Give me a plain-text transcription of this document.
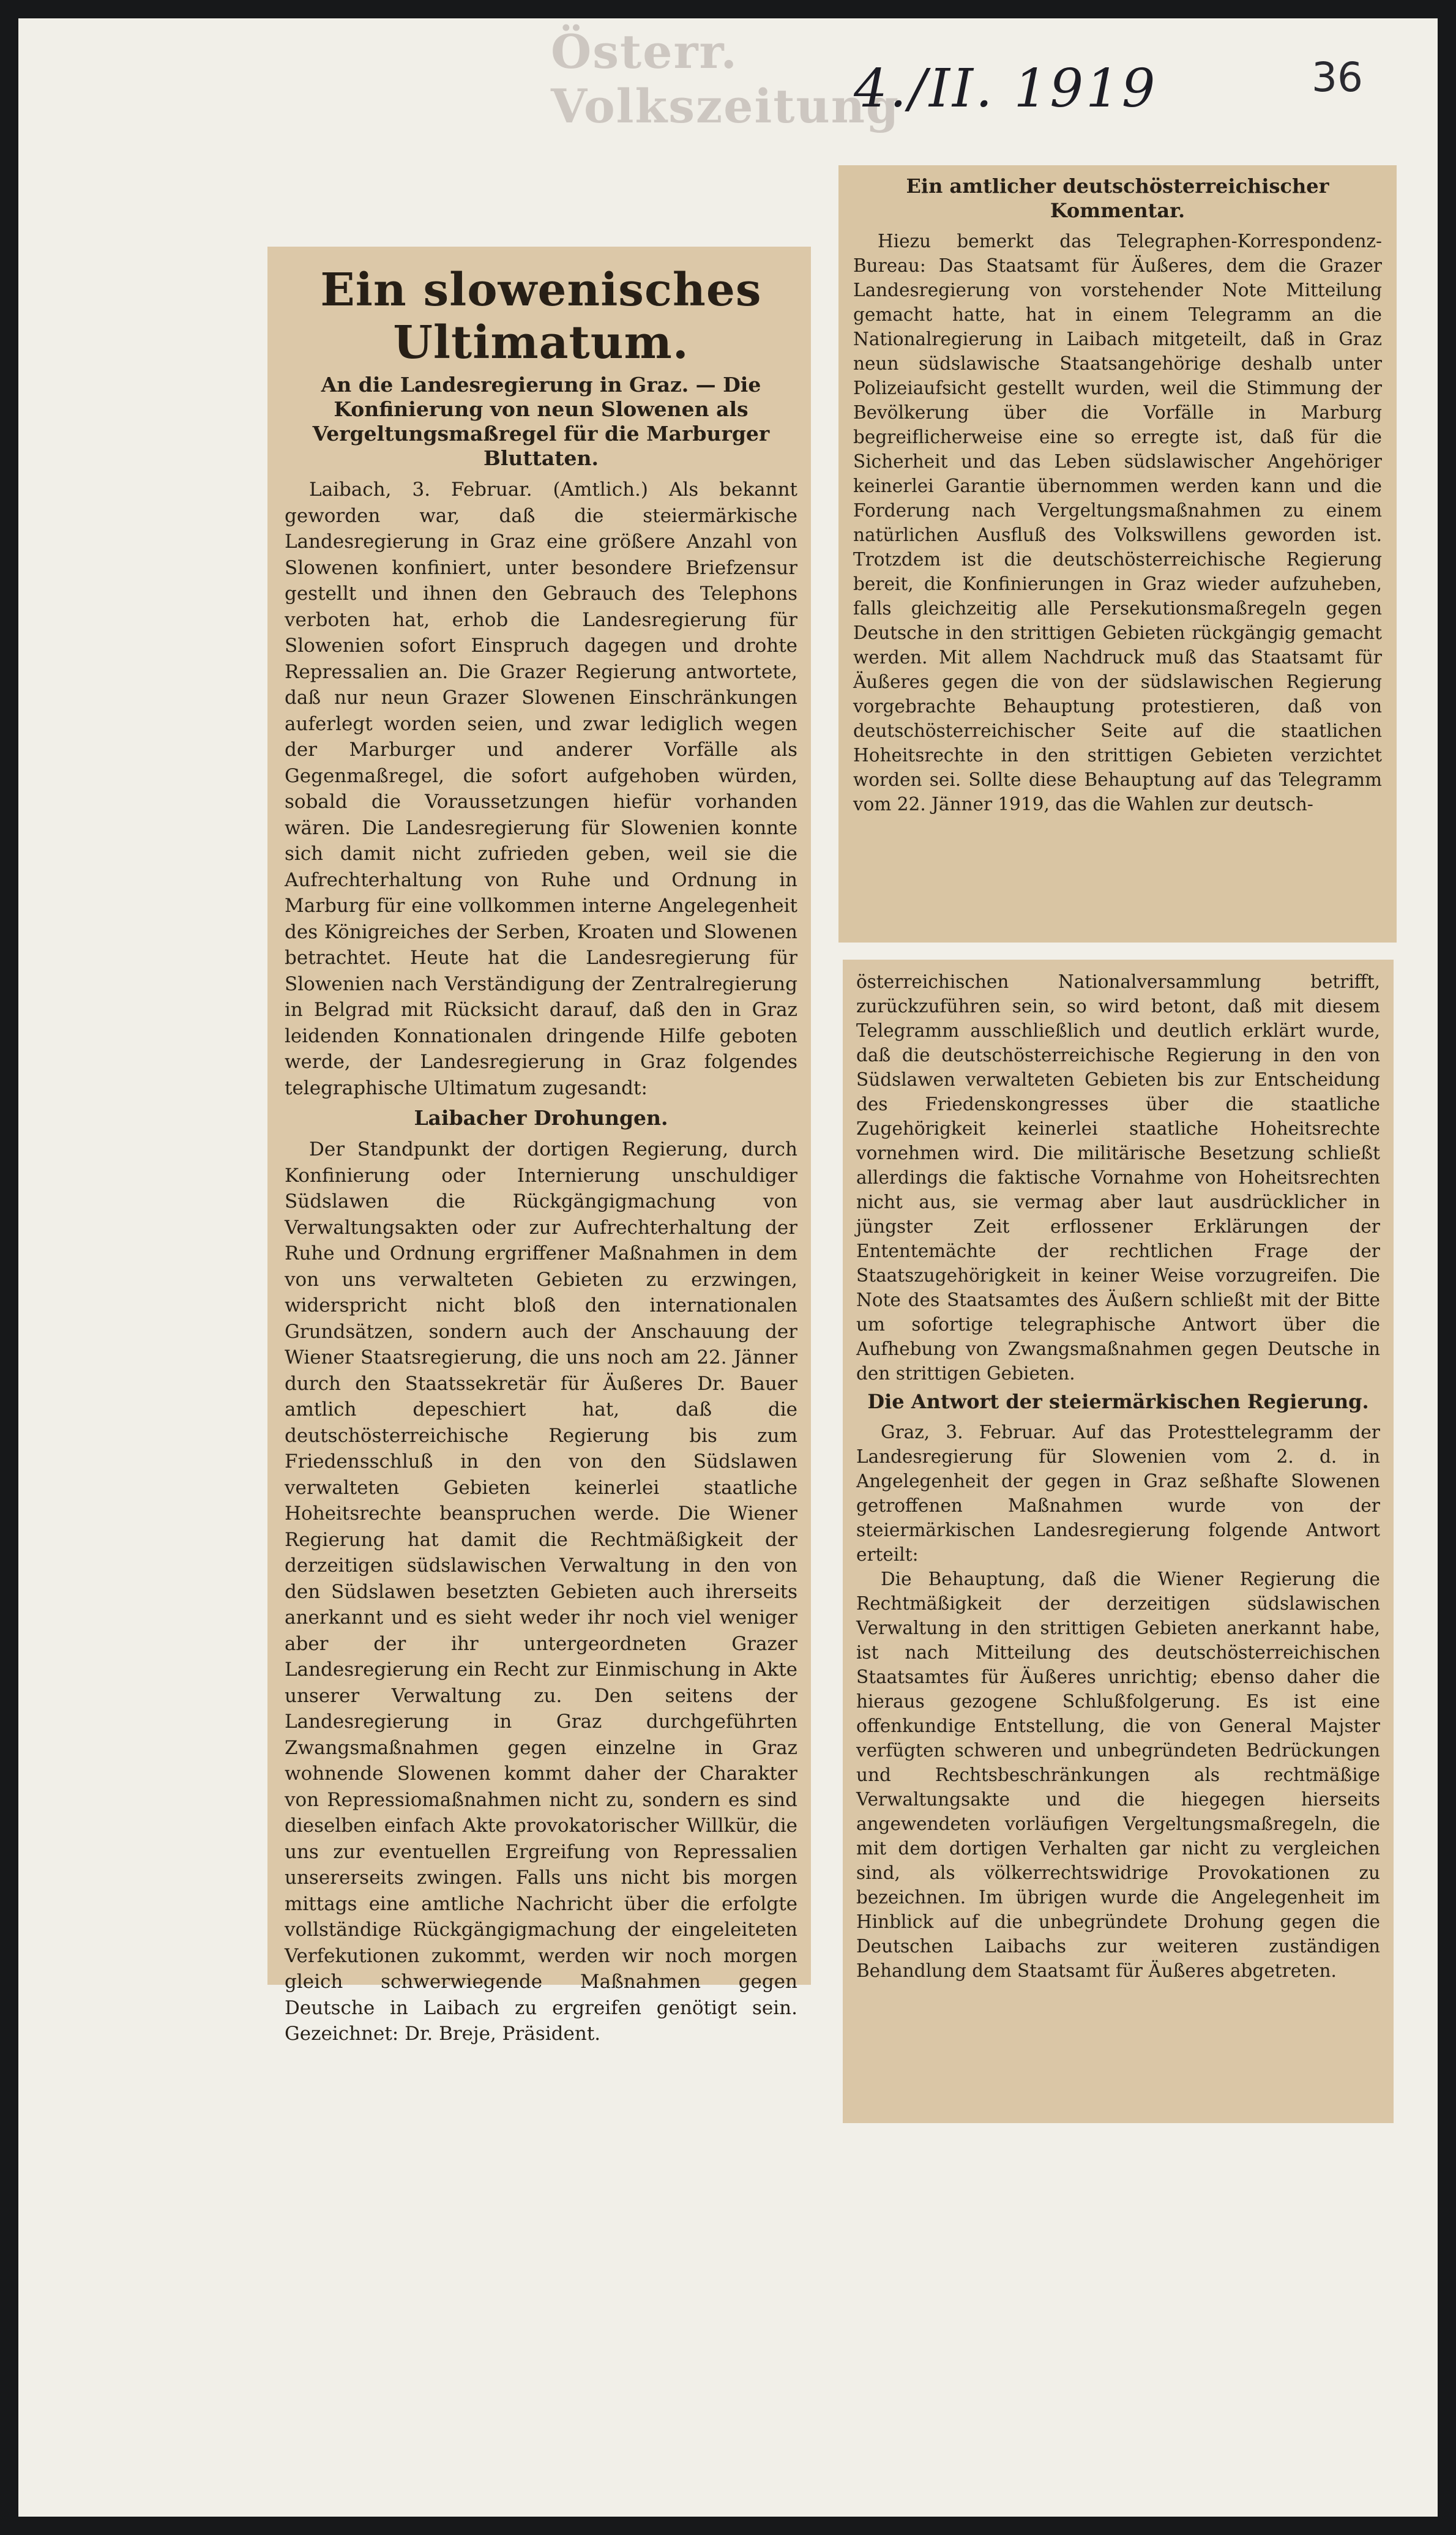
Österr. Volkszeitung
4./II. 1919	36
Ein slowenisches Ultimatum.
An die Landesregierung in Graz. — Die Konfinierung von neun Slowenen als Vergeltungsmaßregel für die Marburger Bluttaten.

Laibach, 3. Februar. (Amtlich.) Als bekannt geworden war, daß die steiermärkische Landesregierung in Graz eine größere Anzahl von Slowenen konfiniert, unter besondere Briefzensur gestellt und ihnen den Gebrauch des Telephons verboten hat, erhob die Landesregierung für Slowenien sofort Einspruch dagegen und drohte Repressalien an. Die Grazer Regierung antwortete, daß nur neun Grazer Slowenen Einschränkungen auferlegt worden seien, und zwar lediglich wegen der Marburger und anderer Vorfälle als Gegenmaßregel, die sofort aufgehoben würden, sobald die Voraussetzungen hiefür vorhanden wären. Die Landesregierung für Slowenien konnte sich damit nicht zufrieden geben, weil sie die Aufrechterhaltung von Ruhe und Ordnung in Marburg für eine vollkommen interne Angelegenheit des Königreiches der Serben, Kroaten und Slowenen betrachtet. Heute hat die Landesregierung für Slowenien nach Verständigung der Zentralregierung in Belgrad mit Rücksicht darauf, daß den in Graz leidenden Konnationalen dringende Hilfe geboten werde, der Landesregierung in Graz folgendes telegraphische Ultimatum zugesandt:

Laibacher Drohungen.

Der Standpunkt der dortigen Regierung, durch Konfinierung oder Internierung unschuldiger Südslawen die Rückgängigmachung von Verwaltungsakten oder zur Aufrechterhaltung der Ruhe und Ordnung ergriffener Maßnahmen in dem von uns verwalteten Gebieten zu erzwingen, widerspricht nicht bloß den internationalen Grundsätzen, sondern auch der Anschauung der Wiener Staatsregierung, die uns noch am 22. Jänner durch den Staatssekretär für Äußeres Dr. Bauer amtlich depeschiert hat, daß die deutschösterreichische Regierung bis zum Friedensschluß in den von den Südslawen verwalteten Gebieten keinerlei staatliche Hoheitsrechte beanspruchen werde. Die Wiener Regierung hat damit die Rechtmäßigkeit der derzeitigen südslawischen Verwaltung in den von den Südslawen besetzten Gebieten auch ihrerseits anerkannt und es sieht weder ihr noch viel weniger aber der ihr untergeordneten Grazer Landesregierung ein Recht zur Einmischung in Akte unserer Verwaltung zu. Den seitens der Landesregierung in Graz durchgeführten Zwangsmaßnahmen gegen einzelne in Graz wohnende Slowenen kommt daher der Charakter von Repressiomaßnahmen nicht zu, sondern es sind dieselben einfach Akte provokatorischer Willkür, die uns zur eventuellen Ergreifung von Repressalien unsererseits zwingen. Falls uns nicht bis morgen mittags eine amtliche Nachricht über die erfolgte vollständige Rückgängigmachung der eingeleiteten Verfekutionen zukommt, werden wir noch morgen gleich schwerwiegende Maßnahmen gegen Deutsche in Laibach zu ergreifen genötigt sein. Gezeichnet: Dr. Breje, Präsident.

Ein amtlicher deutschösterreichischer Kommentar.

Hiezu bemerkt das Telegraphen-Korrespondenz-Bureau: Das Staatsamt für Äußeres, dem die Grazer Landesregierung von vorstehender Note Mitteilung gemacht hatte, hat in einem Telegramm an die Nationalregierung in Laibach mitgeteilt, daß in Graz neun südslawische Staatsangehörige deshalb unter Polizeiaufsicht gestellt wurden, weil die Stimmung der Bevölkerung über die Vorfälle in Marburg begreiflicherweise eine so erregte ist, daß für die Sicherheit und das Leben südslawischer Angehöriger keinerlei Garantie übernommen werden kann und die Forderung nach Vergeltungsmaßnahmen zu einem natürlichen Ausfluß des Volkswillens geworden ist. Trotzdem ist die deutschösterreichische Regierung bereit, die Konfinierungen in Graz wieder aufzuheben, falls gleichzeitig alle Persekutionsmaßregeln gegen Deutsche in den strittigen Gebieten rückgängig gemacht werden. Mit allem Nachdruck muß das Staatsamt für Äußeres gegen die von der südslawischen Regierung vorgebrachte Behauptung protestieren, daß von deutschösterreichischer Seite auf die staatlichen Hoheitsrechte in den strittigen Gebieten verzichtet worden sei. Sollte diese Behauptung auf das Telegramm vom 22. Jänner 1919, das die Wahlen zur deutsch-

österreichischen Nationalversammlung betrifft, zurückzuführen sein, so wird betont, daß mit diesem Telegramm ausschließlich und deutlich erklärt wurde, daß die deutschösterreichische Regierung in den von Südslawen verwalteten Gebieten bis zur Entscheidung des Friedenskongresses über die staatliche Zugehörigkeit keinerlei staatliche Hoheitsrechte vornehmen wird. Die militärische Besetzung schließt allerdings die faktische Vornahme von Hoheitsrechten nicht aus, sie vermag aber laut ausdrücklicher in jüngster Zeit erflossener Erklärungen der Ententemächte der rechtlichen Frage der Staatszugehörigkeit in keiner Weise vorzugreifen. Die Note des Staatsamtes des Äußern schließt mit der Bitte um sofortige telegraphische Antwort über die Aufhebung von Zwangsmaßnahmen gegen Deutsche in den strittigen Gebieten.

Die Antwort der steiermärkischen Regierung.

Graz, 3. Februar. Auf das Protesttelegramm der Landesregierung für Slowenien vom 2. d. in Angelegenheit der gegen in Graz seßhafte Slowenen getroffenen Maßnahmen wurde von der steiermärkischen Landesregierung folgende Antwort erteilt:

Die Behauptung, daß die Wiener Regierung die Rechtmäßigkeit der derzeitigen südslawischen Verwaltung in den strittigen Gebieten anerkannt habe, ist nach Mitteilung des deutschösterreichischen Staatsamtes für Äußeres unrichtig; ebenso daher die hieraus gezogene Schlußfolgerung. Es ist eine offenkundige Entstellung, die von General Majster verfügten schweren und unbegründeten Bedrückungen und Rechtsbeschränkungen als rechtmäßige Verwaltungsakte und die hiegegen hierseits angewendeten vorläufigen Vergeltungsmaßregeln, die mit dem dortigen Verhalten gar nicht zu vergleichen sind, als völkerrechtswidrige Provokationen zu bezeichnen. Im übrigen wurde die Angelegenheit im Hinblick auf die unbegründete Drohung gegen die Deutschen Laibachs zur weiteren zuständigen Behandlung dem Staatsamt für Äußeres abgetreten.
